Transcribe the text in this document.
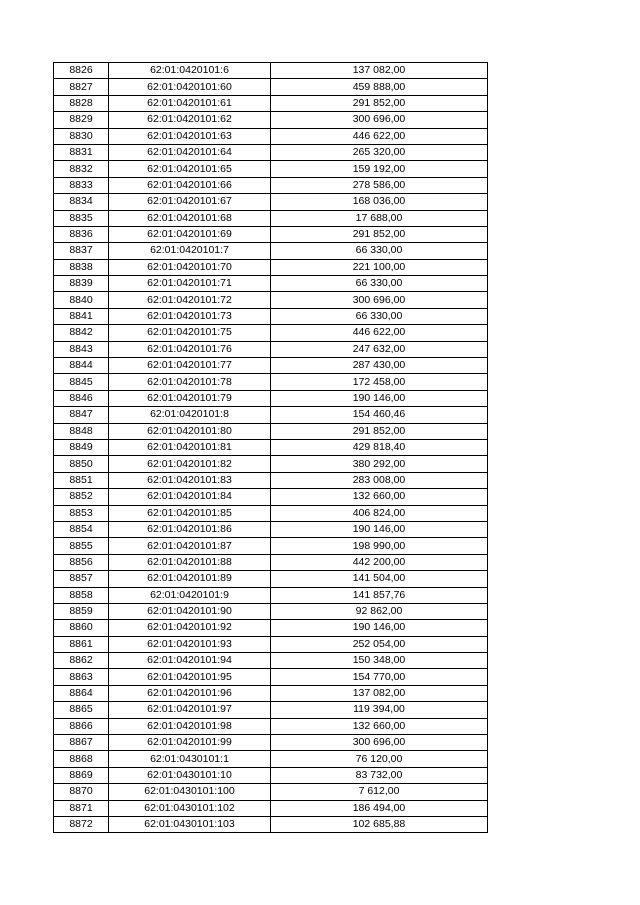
8826	62:01:0420101:6	137 082,00
8827	62:01:0420101:60	459 888,00
8828	62:01:0420101:61	291 852,00
8829	62:01:0420101:62	300 696,00
8830	62:01:0420101:63	446 622,00
8831	62:01:0420101:64	265 320,00
8832	62:01:0420101:65	159 192,00
8833	62:01:0420101:66	278 586,00
8834	62:01:0420101:67	168 036,00
8835	62:01:0420101:68	17 688,00
8836	62:01:0420101:69	291 852,00
8837	62:01:0420101:7	66 330,00
8838	62:01:0420101:70	221 100,00
8839	62:01:0420101:71	66 330,00
8840	62:01:0420101:72	300 696,00
8841	62:01:0420101:73	66 330,00
8842	62:01:0420101:75	446 622,00
8843	62:01:0420101:76	247 632,00
8844	62:01:0420101:77	287 430,00
8845	62:01:0420101:78	172 458,00
8846	62:01:0420101:79	190 146,00
8847	62:01:0420101:8	154 460,46
8848	62:01:0420101:80	291 852,00
8849	62:01:0420101:81	429 818,40
8850	62:01:0420101:82	380 292,00
8851	62:01:0420101:83	283 008,00
8852	62:01:0420101:84	132 660,00
8853	62:01:0420101:85	406 824,00
8854	62:01:0420101:86	190 146,00
8855	62:01:0420101:87	198 990,00
8856	62:01:0420101:88	442 200,00
8857	62:01:0420101:89	141 504,00
8858	62:01:0420101:9	141 857,76
8859	62:01:0420101:90	92 862,00
8860	62:01:0420101:92	190 146,00
8861	62:01:0420101:93	252 054,00
8862	62:01:0420101:94	150 348,00
8863	62:01:0420101:95	154 770,00
8864	62:01:0420101:96	137 082,00
8865	62:01:0420101:97	119 394,00
8866	62:01:0420101:98	132 660,00
8867	62:01:0420101:99	300 696,00
8868	62:01:0430101:1	76 120,00
8869	62:01:0430101:10	83 732,00
8870	62:01:0430101:100	7 612,00
8871	62:01:0430101:102	186 494,00
8872	62:01:0430101:103	102 685,88
